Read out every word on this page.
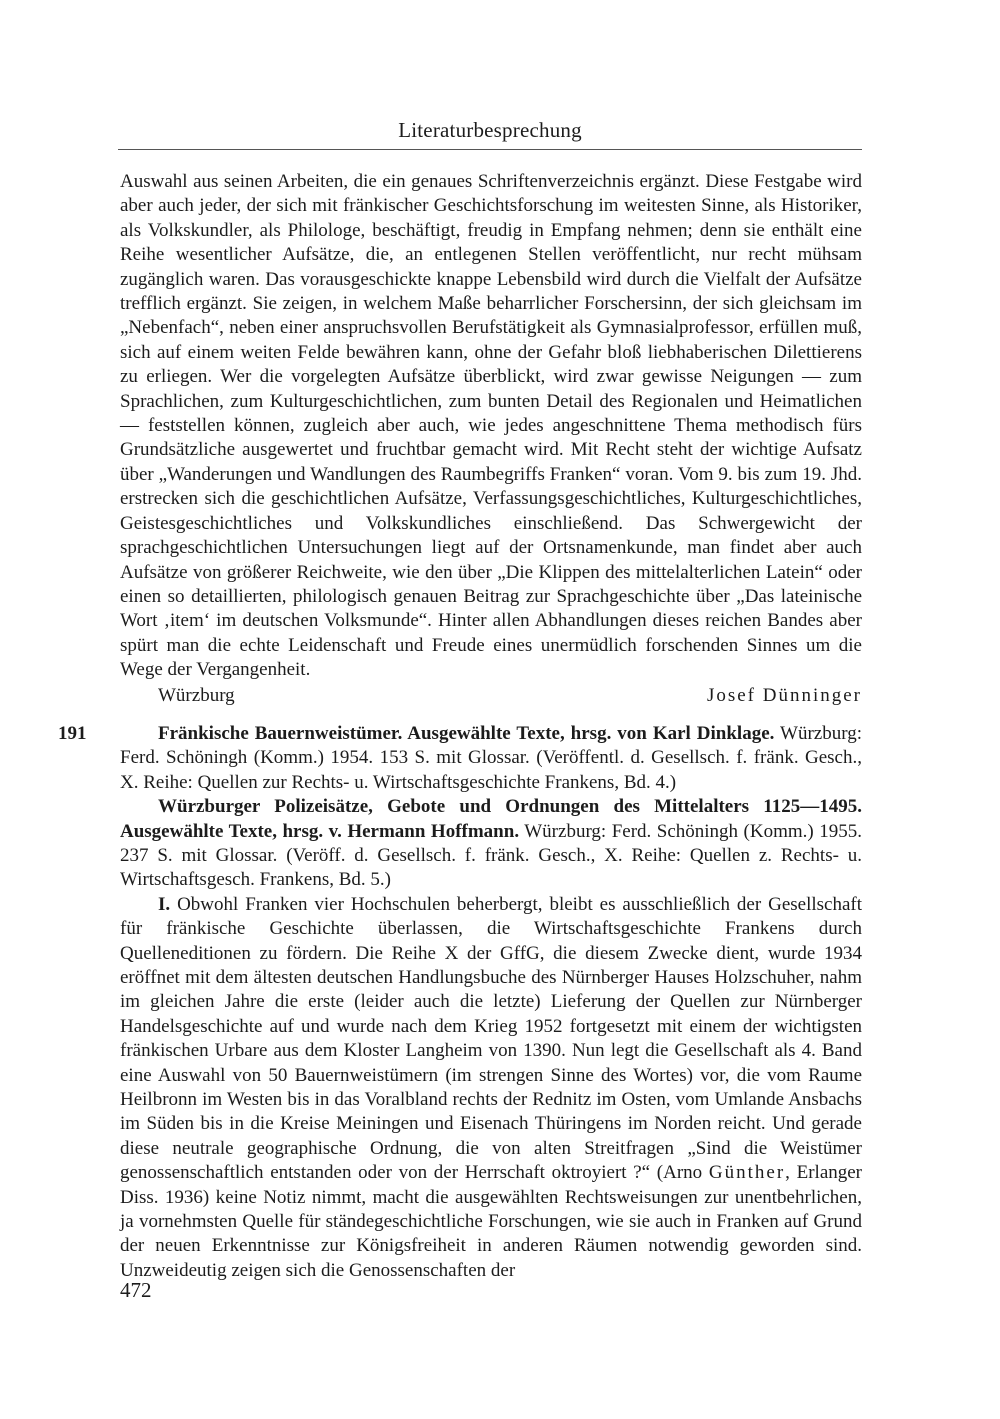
Literaturbesprechung

Auswahl aus seinen Arbeiten, die ein genaues Schriftenverzeichnis ergänzt. Diese Festgabe wird aber auch jeder, der sich mit fränkischer Geschichtsforschung im weitesten Sinne, als Historiker, als Volkskundler, als Philologe, beschäftigt, freudig in Empfang nehmen; denn sie enthält eine Reihe wesentlicher Aufsätze, die, an entlegenen Stellen veröffentlicht, nur recht mühsam zugänglich waren. Das vorausgeschickte knappe Lebensbild wird durch die Vielfalt der Aufsätze trefflich ergänzt. Sie zeigen, in welchem Maße beharrlicher Forschersinn, der sich gleichsam im „Nebenfach“, neben einer anspruchsvollen Berufstätigkeit als Gymnasialprofessor, erfüllen muß, sich auf einem weiten Felde bewähren kann, ohne der Gefahr bloß liebhaberischen Dilettierens zu erliegen. Wer die vorgelegten Aufsätze überblickt, wird zwar gewisse Neigungen — zum Sprachlichen, zum Kulturgeschichtlichen, zum bunten Detail des Regionalen und Heimatlichen — feststellen können, zugleich aber auch, wie jedes angeschnittene Thema methodisch fürs Grundsätzliche ausgewertet und fruchtbar gemacht wird. Mit Recht steht der wichtige Aufsatz über „Wanderungen und Wandlungen des Raumbegriffs Franken“ voran. Vom 9. bis zum 19. Jhd. erstrecken sich die geschichtlichen Aufsätze, Verfassungsgeschichtliches, Kulturgeschichtliches, Geistesgeschichtliches und Volkskundliches einschließend. Das Schwergewicht der sprachgeschichtlichen Untersuchungen liegt auf der Ortsnamenkunde, man findet aber auch Aufsätze von größerer Reichweite, wie den über „Die Klippen des mittelalterlichen Latein“ oder einen so detaillierten, philologisch genauen Beitrag zur Sprachgeschichte über „Das lateinische Wort ‚item‘ im deutschen Volksmunde“. Hinter allen Abhandlungen dieses reichen Bandes aber spürt man die echte Leidenschaft und Freude eines unermüdlich forschenden Sinnes um die Wege der Vergangenheit.

Würzburg	Josef Dünninger
191	Fränkische Bauernweistümer. Ausgewählte Texte, hrsg. von Karl Dinklage. Würzburg: Ferd. Schöningh (Komm.) 1954. 153 S. mit Glossar. (Veröffentl. d. Gesellsch. f. fränk. Gesch., X. Reihe: Quellen zur Rechts- u. Wirtschaftsgeschichte Frankens, Bd. 4.)

Würzburger Polizeisätze, Gebote und Ordnungen des Mittelalters 1125—1495. Ausgewählte Texte, hrsg. v. Hermann Hoffmann. Würzburg: Ferd. Schöningh (Komm.) 1955. 237 S. mit Glossar. (Veröff. d. Gesellsch. f. fränk. Gesch., X. Reihe: Quellen z. Rechts- u. Wirtschaftsgesch. Frankens, Bd. 5.)

I. Obwohl Franken vier Hochschulen beherbergt, bleibt es ausschließlich der Gesellschaft für fränkische Geschichte überlassen, die Wirtschaftsgeschichte Frankens durch Quelleneditionen zu fördern. Die Reihe X der GffG, die diesem Zwecke dient, wurde 1934 eröffnet mit dem ältesten deutschen Handlungsbuche des Nürnberger Hauses Holzschuher, nahm im gleichen Jahre die erste (leider auch die letzte) Lieferung der Quellen zur Nürnberger Handelsgeschichte auf und wurde nach dem Krieg 1952 fortgesetzt mit einem der wichtigsten fränkischen Urbare aus dem Kloster Langheim von 1390. Nun legt die Gesellschaft als 4. Band eine Auswahl von 50 Bauernweistümern (im strengen Sinne des Wortes) vor, die vom Raume Heilbronn im Westen bis in das Voralbland rechts der Rednitz im Osten, vom Umlande Ansbachs im Süden bis in die Kreise Meiningen und Eisenach Thüringens im Norden reicht. Und gerade diese neutrale geographische Ordnung, die von alten Streitfragen „Sind die Weistümer genossenschaftlich entstanden oder von der Herrschaft oktroyiert ?“ (Arno Günther, Erlanger Diss. 1936) keine Notiz nimmt, macht die ausgewählten Rechtsweisungen zur unentbehrlichen, ja vornehmsten Quelle für ständegeschichtliche Forschungen, wie sie auch in Franken auf Grund der neuen Erkenntnisse zur Königsfreiheit in anderen Räumen notwendig geworden sind. Unzweideutig zeigen sich die Genossenschaften der

472
